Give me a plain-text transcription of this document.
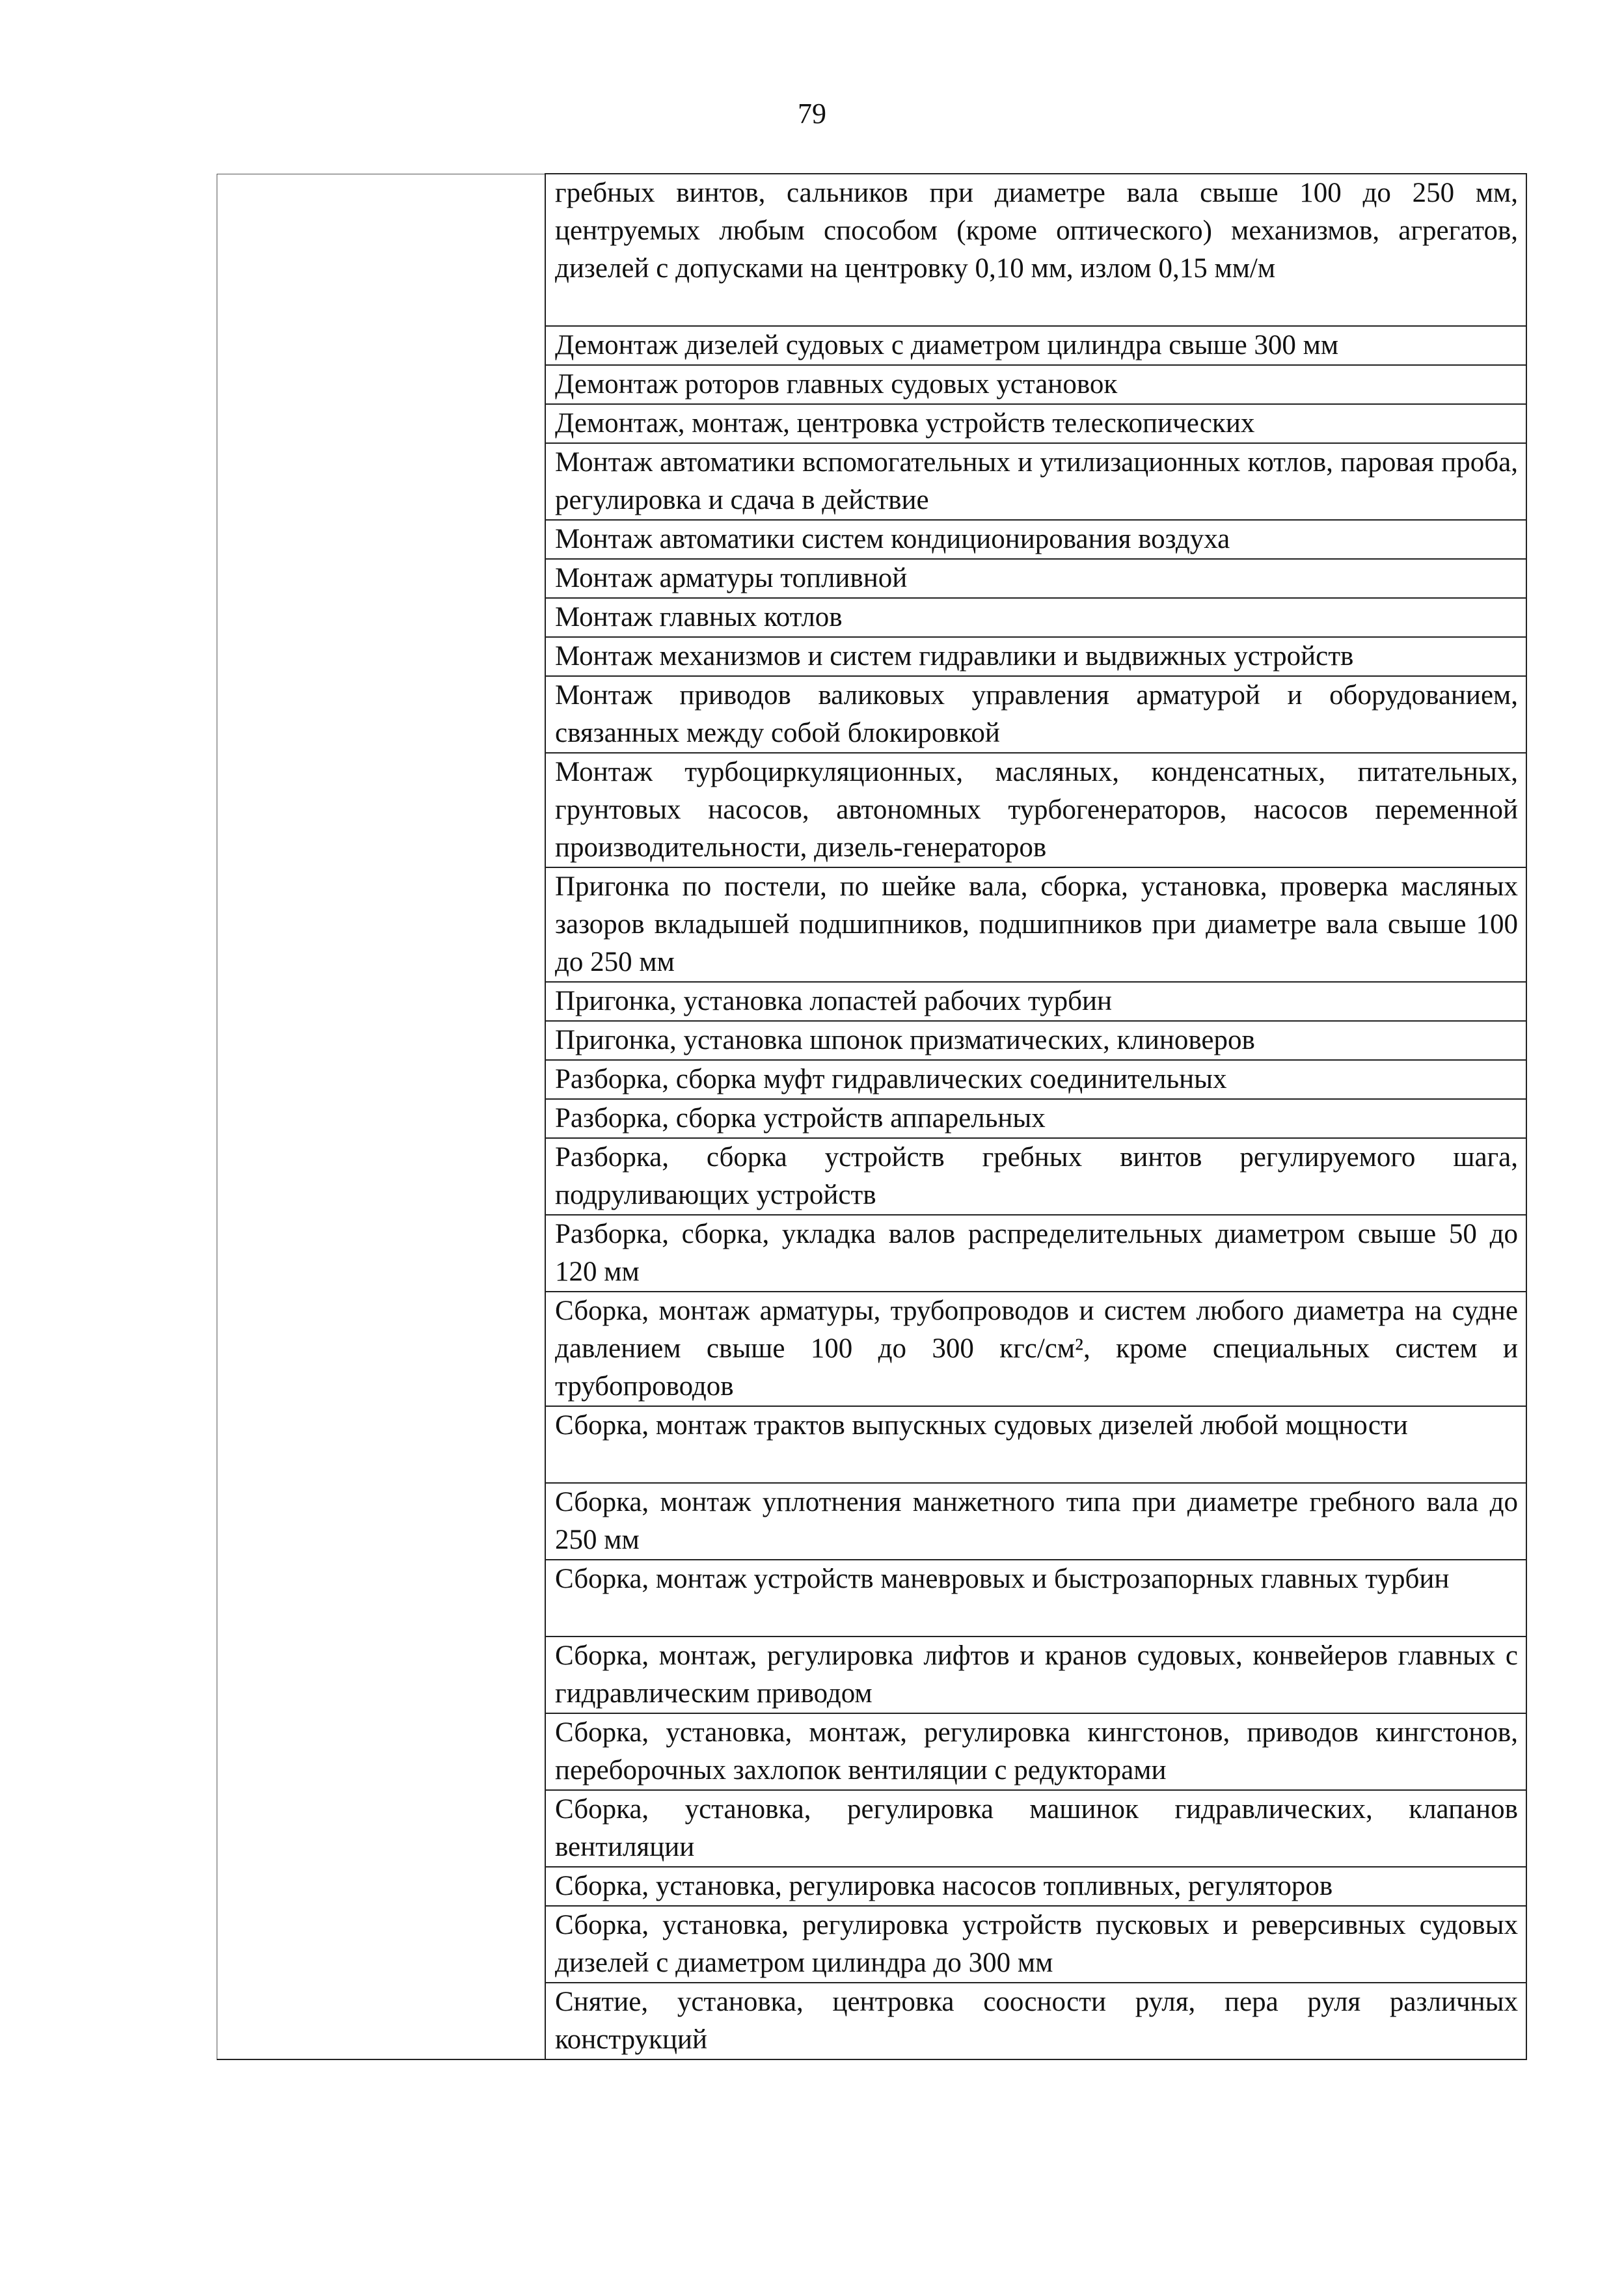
79

гребных винтов, сальников при диаметре вала свыше 100 до 250 мм, центруемых любым способом (кроме оптического) механизмов, агрегатов, дизелей с допусками на центровку 0,10 мм, излом 0,15 мм/м

Демонтаж дизелей судовых с диаметром цилиндра свыше 300 мм

Демонтаж роторов главных судовых установок

Демонтаж, монтаж, центровка устройств телескопических

Монтаж автоматики вспомогательных и утилизационных котлов, паровая проба, регулировка и сдача в действие

Монтаж автоматики систем кондиционирования воздуха

Монтаж арматуры топливной

Монтаж главных котлов

Монтаж механизмов и систем гидравлики и выдвижных устройств

Монтаж приводов валиковых управления арматурой и оборудованием, связанных между собой блокировкой

Монтаж турбоциркуляционных, масляных, конденсатных, питательных, грунтовых насосов, автономных турбогенераторов, насосов переменной производительности, дизель-генераторов

Пригонка по постели, по шейке вала, сборка, установка, проверка масляных зазоров вкладышей подшипников, подшипников при диаметре вала свыше 100 до 250 мм

Пригонка, установка лопастей рабочих турбин

Пригонка, установка шпонок призматических, клиноверов

Разборка, сборка муфт гидравлических соединительных

Разборка, сборка устройств аппарельных

Разборка, сборка устройств гребных винтов регулируемого шага, подруливающих устройств

Разборка, сборка, укладка валов распределительных диаметром свыше 50 до 120 мм

Сборка, монтаж арматуры, трубопроводов и систем любого диаметра на судне давлением свыше 100 до 300 кгс/см², кроме специальных систем и трубопроводов

Сборка, монтаж трактов выпускных судовых дизелей любой мощности

Сборка, монтаж уплотнения манжетного типа при диаметре гребного вала до 250 мм

Сборка, монтаж устройств маневровых и быстрозапорных главных турбин

Сборка, монтаж, регулировка лифтов и кранов судовых, конвейеров главных с гидравлическим приводом

Сборка, установка, монтаж, регулировка кингстонов, приводов кингстонов, переборочных захлопок вентиляции с редукторами

Сборка, установка, регулировка машинок гидравлических, клапанов вентиляции

Сборка, установка, регулировка насосов топливных, регуляторов

Сборка, установка, регулировка устройств пусковых и реверсивных судовых дизелей с диаметром цилиндра до 300 мм

Снятие, установка, центровка соосности руля, пера руля различных конструкций
